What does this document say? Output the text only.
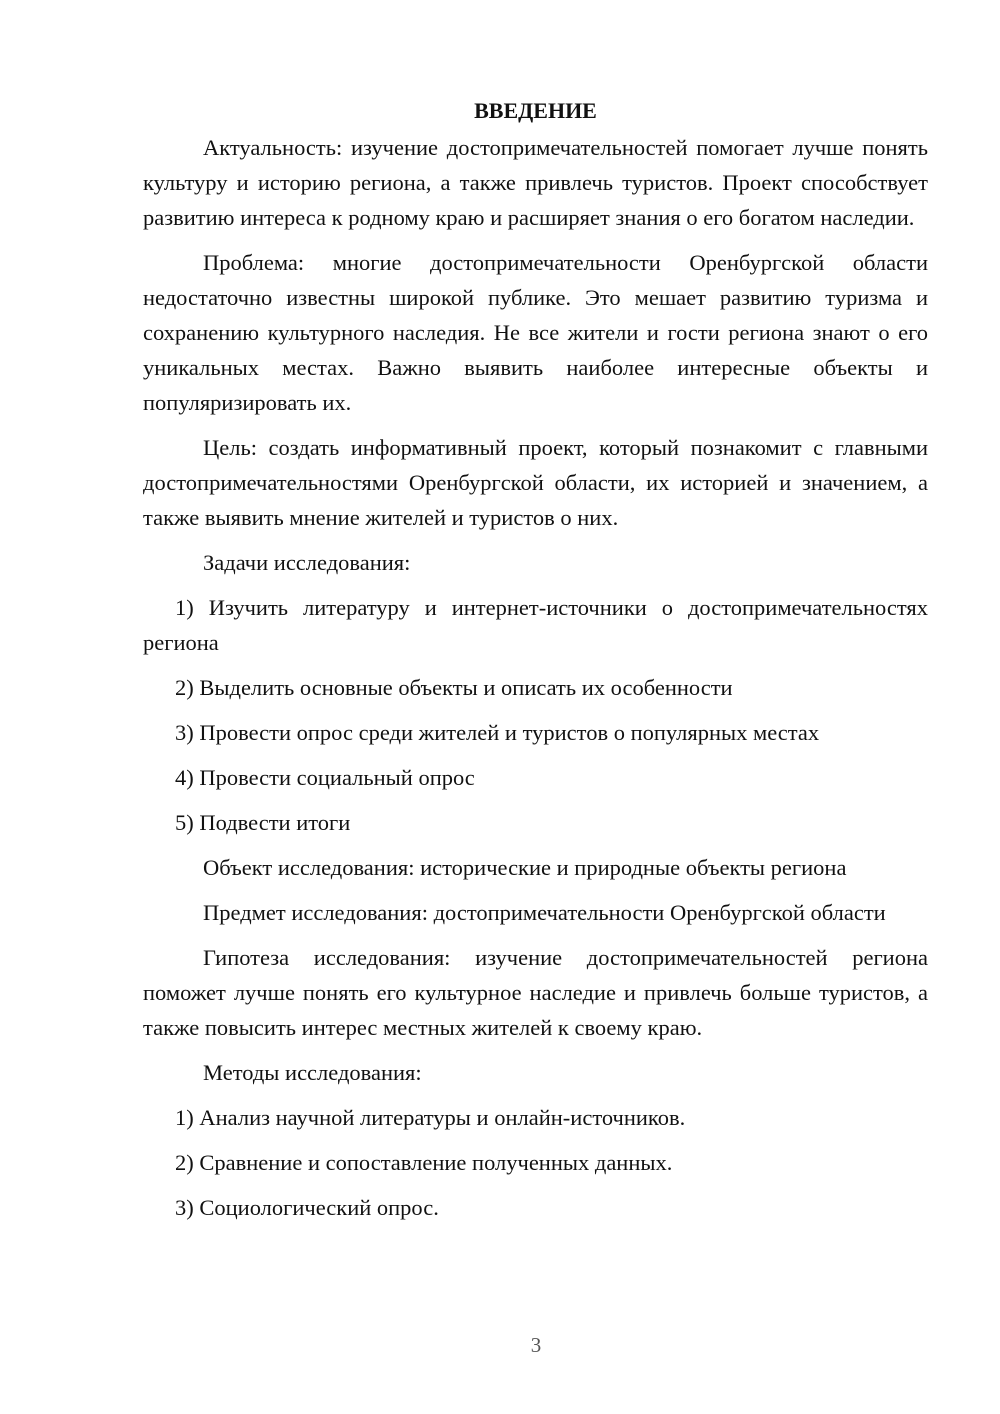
ВВЕДЕНИЕ
Актуальность: изучение достопримечательностей помогает лучше понять культуру и историю региона, а также привлечь туристов. Проект способствует развитию интереса к родному краю и расширяет знания о его богатом наследии.
Проблема: многие достопримечательности Оренбургской области недостаточно известны широкой публике. Это мешает развитию туризма и сохранению культурного наследия. Не все жители и гости региона знают о его уникальных местах. Важно выявить наиболее интересные объекты и популяризировать их.
Цель: создать информативный проект, который познакомит с главными достопримечательностями Оренбургской области, их историей и значением, а также выявить мнение жителей и туристов о них.
Задачи исследования:
1) Изучить литературу и интернет-источники о достопримечательностях региона
2) Выделить основные объекты и описать их особенности
3) Провести опрос среди жителей и туристов о популярных местах
4) Провести социальный опрос
5) Подвести итоги
Объект исследования: исторические и природные объекты региона
Предмет исследования: достопримечательности Оренбургской области
Гипотеза исследования: изучение достопримечательностей региона поможет лучше понять его культурное наследие и привлечь больше туристов, а также повысить интерес местных жителей к своему краю.
Методы исследования:
1) Анализ научной литературы и онлайн-источников.
2) Сравнение и сопоставление полученных данных.
3) Социологический опрос.
3
